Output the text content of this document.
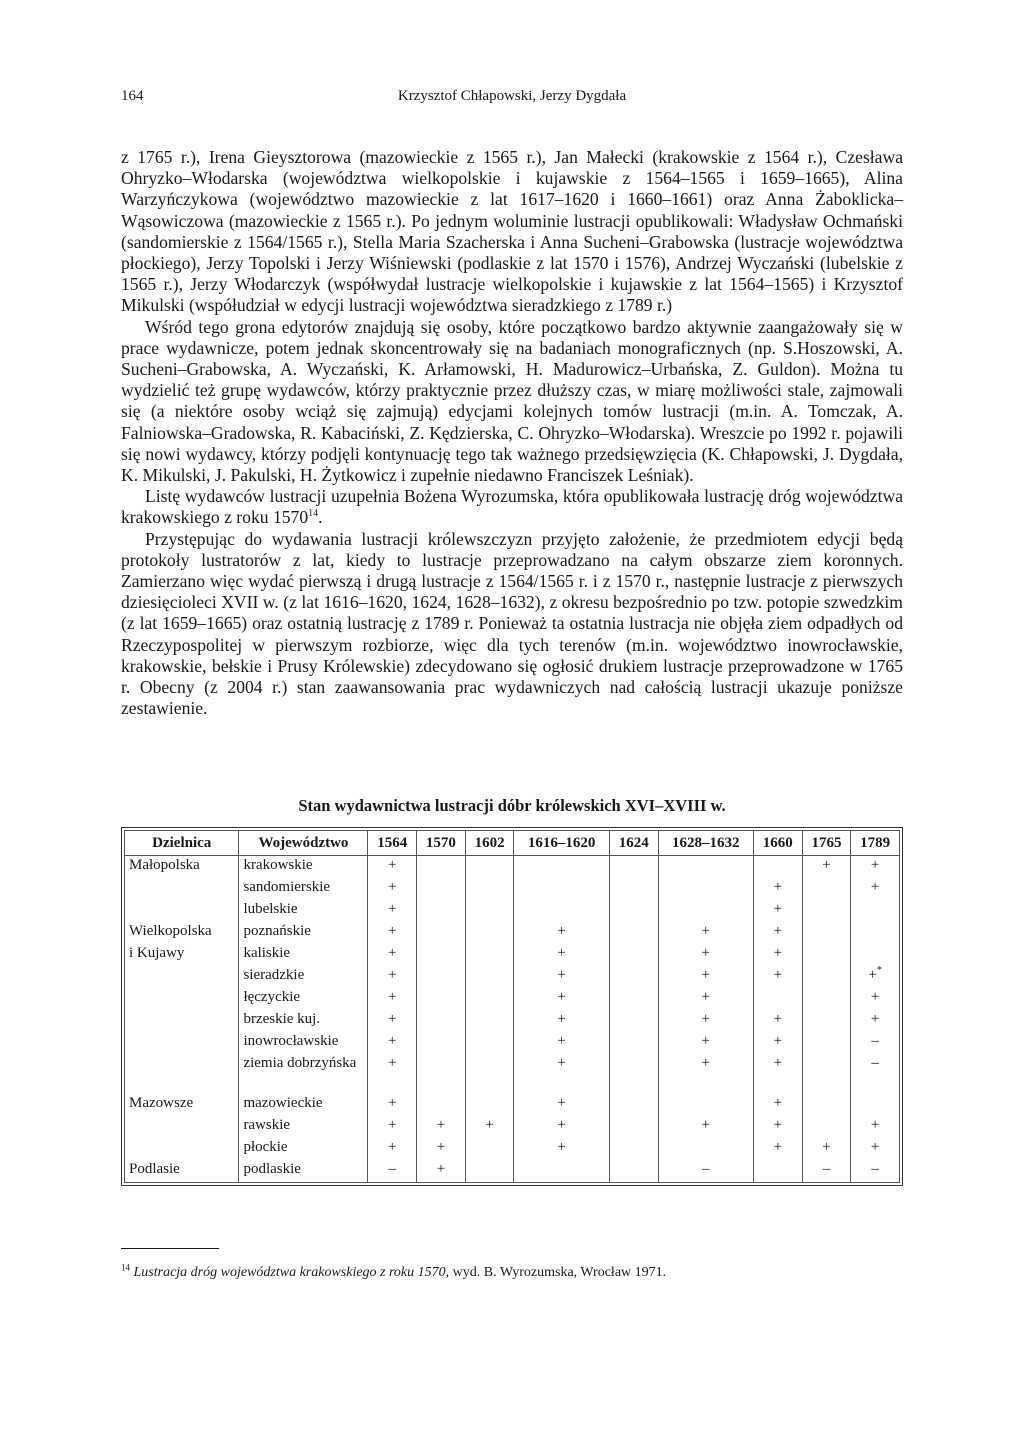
164	Krzysztof Chłapowski, Jerzy Dygdała

z 1765 r.), Irena Gieysztorowa (mazowieckie z 1565 r.), Jan Małecki (krakowskie z 1564 r.), Czesława Ohryzko–Włodarska (województwa wielkopolskie i kujawskie z 1564–1565 i 1659–1665), Alina Warzyńczykowa (województwo mazowieckie z lat 1617–1620 i 1660–1661) oraz Anna Żaboklicka–Wąsowiczowa (mazowieckie z 1565 r.). Po jednym woluminie lustracji opublikowali: Władysław Ochmański (sandomierskie z 1564/1565 r.), Stella Maria Szacherska i Anna Sucheni–Grabowska (lustracje województwa płockiego), Jerzy Topolski i Jerzy Wiśniewski (podlaskie z lat 1570 i 1576), Andrzej Wyczański (lubelskie z 1565 r.), Jerzy Włodarczyk (współwydał lustracje wielkopolskie i kujawskie z lat 1564–1565) i Krzysztof Mikulski (współudział w edycji lustracji województwa sieradzkiego z 1789 r.)

Wśród tego grona edytorów znajdują się osoby, które początkowo bardzo aktywnie zaangażowały się w prace wydawnicze, potem jednak skoncentrowały się na badaniach monograficznych (np. S.Hoszowski, A. Sucheni–Grabowska, A. Wyczański, K. Arłamowski, H. Madurowicz–Urbańska, Z. Guldon). Można tu wydzielić też grupę wydawców, którzy praktycznie przez dłuższy czas, w miarę możliwości stale, zajmowali się (a niektóre osoby wciąż się zajmują) edycjami kolejnych tomów lustracji (m.in. A. Tomczak, A. Falniowska–Gradowska, R. Kabaciński, Z. Kędzierska, C. Ohryzko–Włodarska). Wreszcie po 1992 r. pojawili się nowi wydawcy, którzy podjęli kontynuację tego tak ważnego przedsięwzięcia (K. Chłapowski, J. Dygdała, K. Mikulski, J. Pakulski, H. Żytkowicz i zupełnie niedawno Franciszek Leśniak).

Listę wydawców lustracji uzupełnia Bożena Wyrozumska, która opublikowała lustrację dróg województwa krakowskiego z roku 1570$^{14}$.

Przystępując do wydawania lustracji królewszczyzn przyjęto założenie, że przedmiotem edycji będą protokoły lustratorów z lat, kiedy to lustracje przeprowadzano na całym obszarze ziem koronnych. Zamierzano więc wydać pierwszą i drugą lustracje z 1564/1565 r. i z 1570 r., następnie lustracje z pierwszych dziesięcioleci XVII w. (z lat 1616–1620, 1624, 1628–1632), z okresu bezpośrednio po tzw. potopie szwedzkim (z lat 1659–1665) oraz ostatnią lustrację z 1789 r. Ponieważ ta ostatnia lustracja nie objęła ziem odpadłych od Rzeczypospolitej w pierwszym rozbiorze, więc dla tych terenów (m.in. województwo inowrocławskie, krakowskie, bełskie i Prusy Królewskie) zdecydowano się ogłosić drukiem lustracje przeprowadzone w 1765 r. Obecny (z 2004 r.) stan zaawansowania prac wydawniczych nad całością lustracji ukazuje poniższe zestawienie.

Stan wydawnictwa lustracji dóbr królewskich XVI–XVIII w.
Dzielnica	Województwo	1564	1570	1602	1616–1620	1624	1628–1632	1660	1765	1789
Małopolska	krakowskie	+							+	+
	sandomierskie	+						+		+
	lubelskie	+						+		
Wielkopolska	poznańskie	+			+		+	+		
i Kujawy	kaliskie	+			+		+	+		
	sieradzkie	+			+		+	+		+*
	łęczyckie	+			+		+			+
	brzeskie kuj.	+			+		+	+		+
	inowrocławskie	+			+		+	+		–
	ziemia dobrzyńska	+			+		+	+		–
Mazowsze	mazowieckie	+			+			+		
	rawskie	+	+	+	+		+	+		+
	płockie	+	+		+			+	+	+
Podlasie	podlaskie	–	+				–		–	–
$^{14}$ Lustracja dróg województwa krakowskiego z roku 1570, wyd. B. Wyrozumska, Wrocław 1971.
